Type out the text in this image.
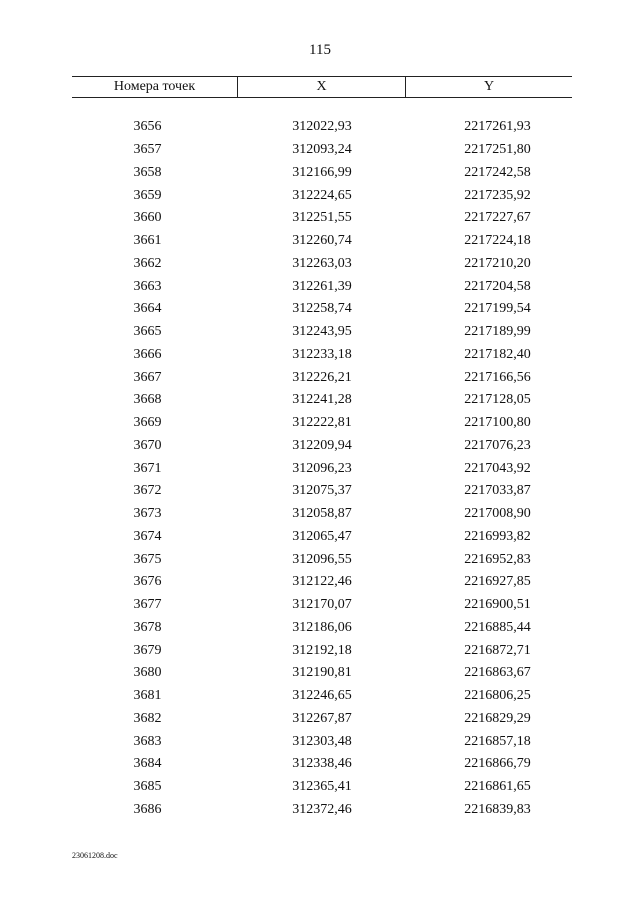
115
Номера точек	X	Y
3656	312022,93	2217261,93
3657	312093,24	2217251,80
3658	312166,99	2217242,58
3659	312224,65	2217235,92
3660	312251,55	2217227,67
3661	312260,74	2217224,18
3662	312263,03	2217210,20
3663	312261,39	2217204,58
3664	312258,74	2217199,54
3665	312243,95	2217189,99
3666	312233,18	2217182,40
3667	312226,21	2217166,56
3668	312241,28	2217128,05
3669	312222,81	2217100,80
3670	312209,94	2217076,23
3671	312096,23	2217043,92
3672	312075,37	2217033,87
3673	312058,87	2217008,90
3674	312065,47	2216993,82
3675	312096,55	2216952,83
3676	312122,46	2216927,85
3677	312170,07	2216900,51
3678	312186,06	2216885,44
3679	312192,18	2216872,71
3680	312190,81	2216863,67
3681	312246,65	2216806,25
3682	312267,87	2216829,29
3683	312303,48	2216857,18
3684	312338,46	2216866,79
3685	312365,41	2216861,65
3686	312372,46	2216839,83
23061208.doc
